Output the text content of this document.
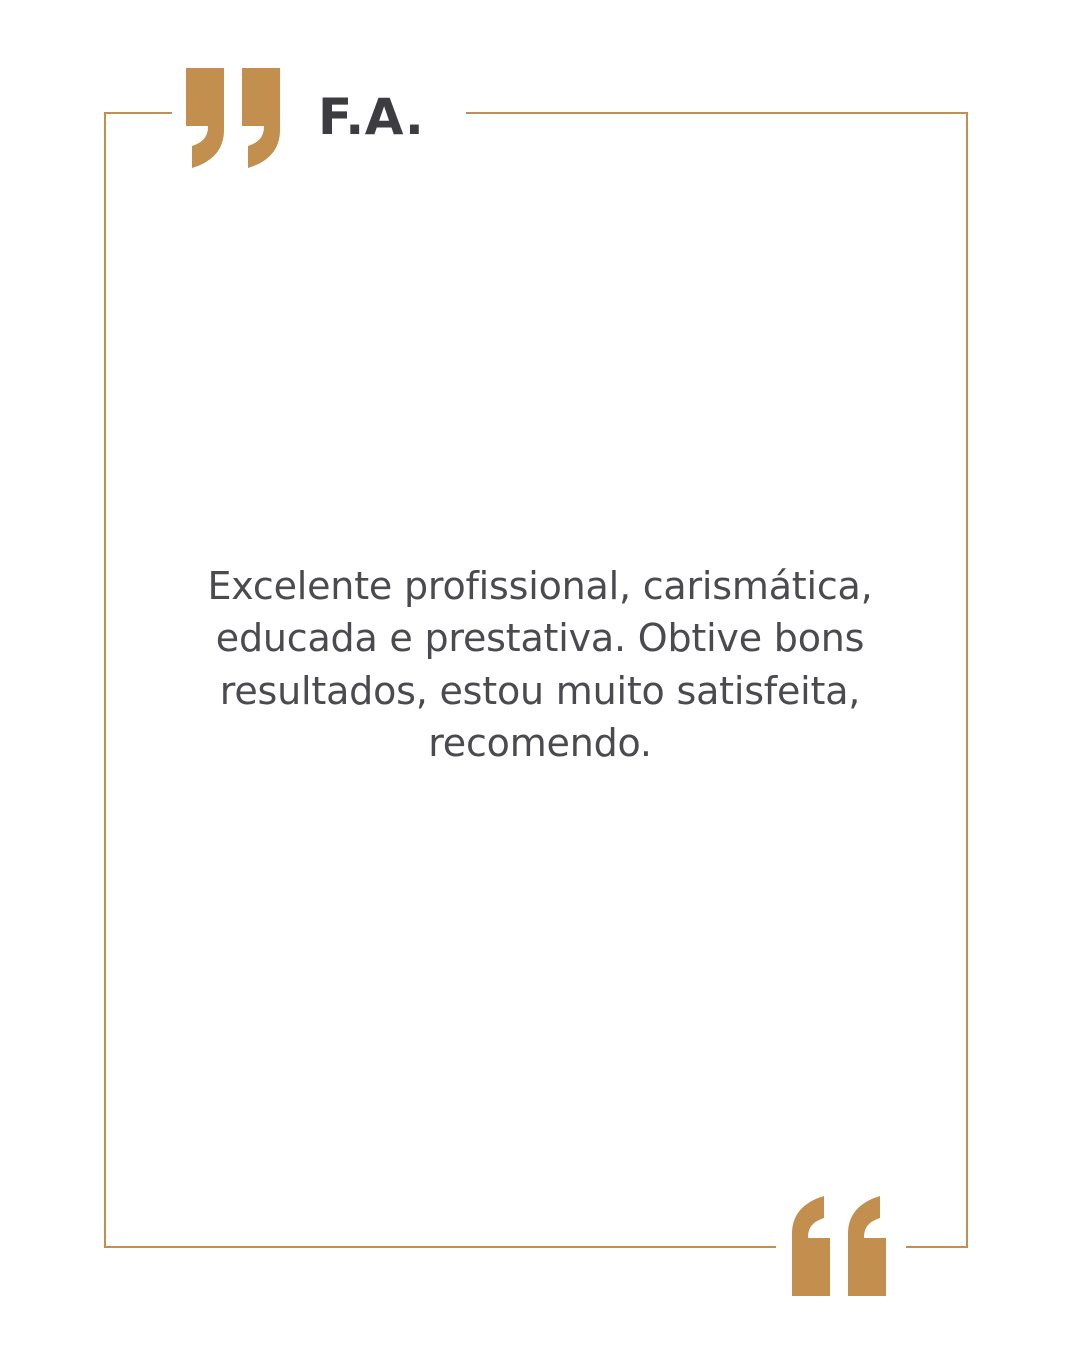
F.A.
Excelente profissional, carismática, educada e prestativa. Obtive bons resultados, estou muito satisfeita, recomendo.
